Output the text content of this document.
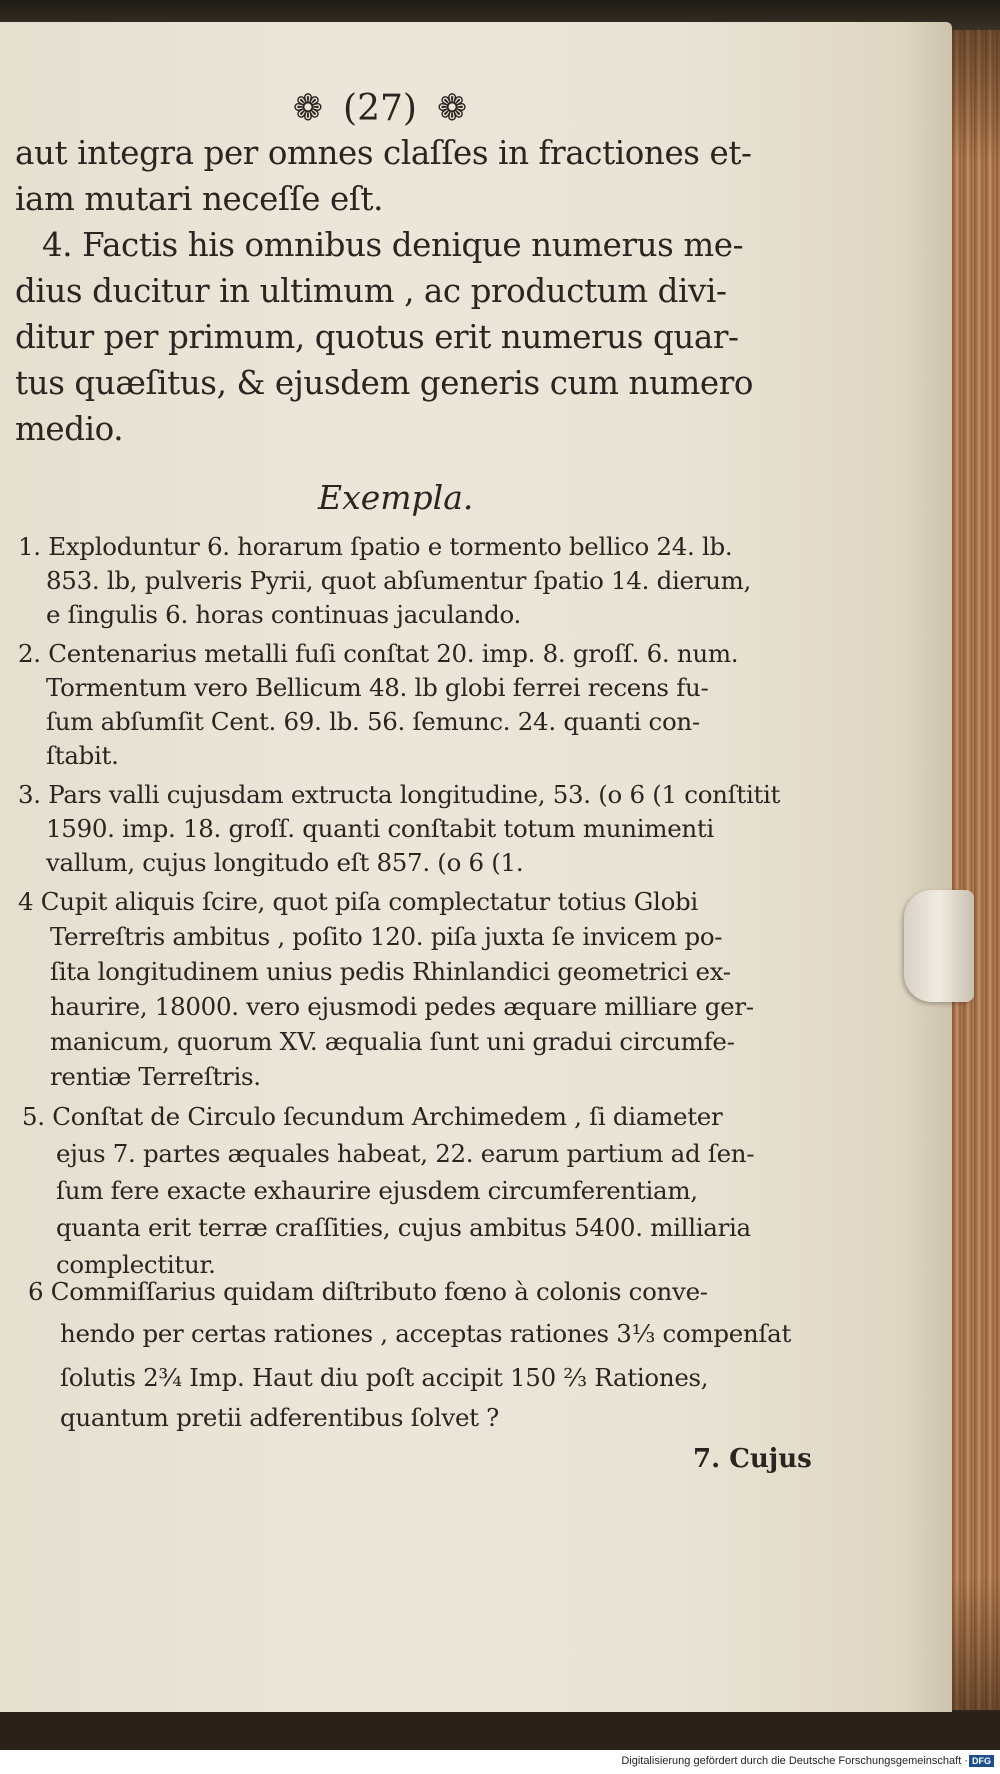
❁ (27) ❁
aut integra per omnes claſſes in fractiones et-
iam mutari neceſſe eſt.
4. Factis his omnibus denique numerus me-
dius ducitur in ultimum , ac productum divi-
ditur per primum, quotus erit numerus quar-
tus quæſitus, & ejusdem generis cum numero
medio.
Exempla.
1. Exploduntur 6. horarum ſpatio e tormento bellico 24. lb.
853. lb, pulveris Pyrii, quot abſumentur ſpatio 14. dierum,
e ſingulis 6. horas continuas jaculando.
2. Centenarius metalli fuſi conſtat 20. imp. 8. groſſ. 6. num.
Tormentum vero Bellicum 48. lb globi ferrei recens fu-
ſum abſumſit Cent. 69. lb. 56. ſemunc. 24. quanti con-
ſtabit.
3. Pars valli cujusdam extructa longitudine, 53. (o 6 (1 conſtitit
1590. imp. 18. groſſ. quanti conſtabit totum munimenti
vallum, cujus longitudo eſt 857. (o 6 (1.
4 Cupit aliquis ſcire, quot piſa complectatur totius Globi
Terreſtris ambitus , poſito 120. piſa juxta ſe invicem po-
ſita longitudinem unius pedis Rhinlandici geometrici ex-
haurire, 18000. vero ejusmodi pedes æquare milliare ger-
manicum, quorum XV. æqualia ſunt uni gradui circumfe-
rentiæ Terreſtris.
5. Conſtat de Circulo ſecundum Archimedem , ſi diameter
ejus 7. partes æquales habeat, 22. earum partium ad ſen-
ſum fere exacte exhaurire ejusdem circumferentiam,
quanta erit terræ craſſities, cujus ambitus 5400. milliaria
complectitur.
6 Commiſſarius quidam diſtributo fœno à colonis conve-
hendo per certas rationes , acceptas rationes 3⅓ compenſat
ſolutis 2¾ Imp. Haut diu poſt accipit 150 ⅔ Rationes,
quantum pretii adferentibus ſolvet ?
7. Cujus
Digitalisierung gefördert durch die Deutsche Forschungsgemeinschaft · DFG
